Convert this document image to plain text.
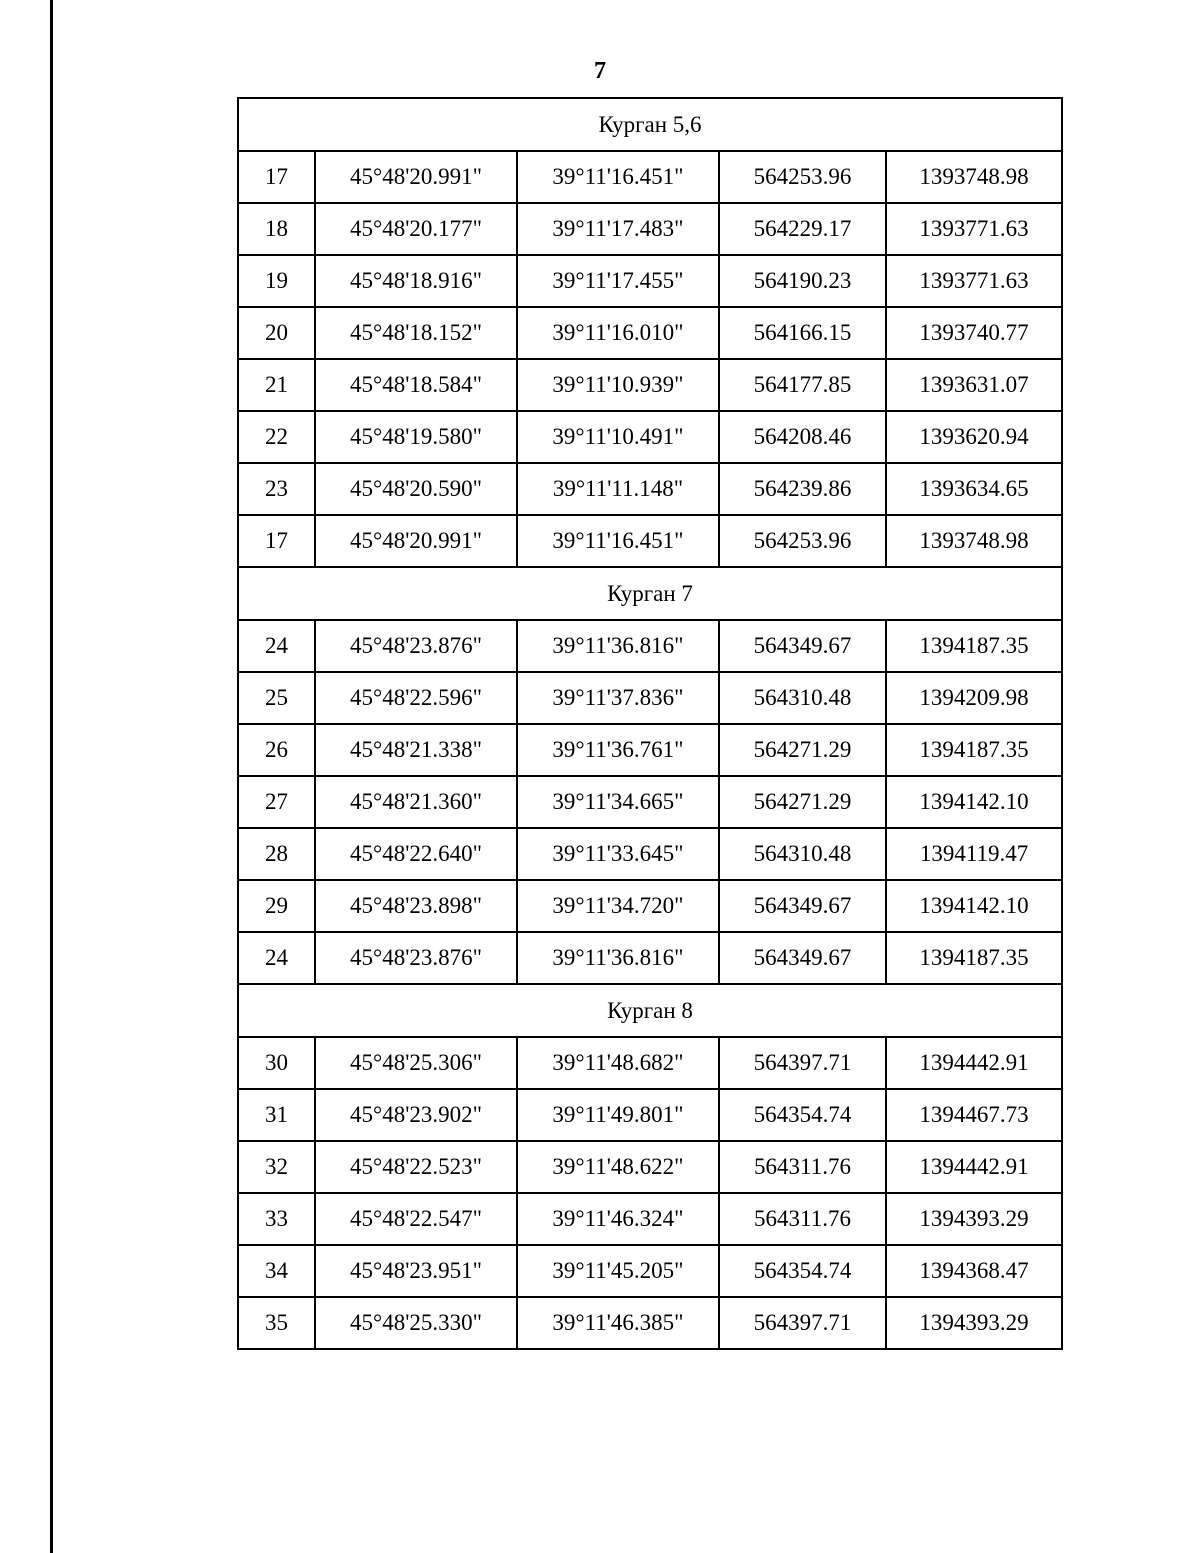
7
Курган 5,6				
17	45°48'20.991"	39°11'16.451"	564253.96	1393748.98
18	45°48'20.177"	39°11'17.483"	564229.17	1393771.63
19	45°48'18.916"	39°11'17.455"	564190.23	1393771.63
20	45°48'18.152"	39°11'16.010"	564166.15	1393740.77
21	45°48'18.584"	39°11'10.939"	564177.85	1393631.07
22	45°48'19.580"	39°11'10.491"	564208.46	1393620.94
23	45°48'20.590"	39°11'11.148"	564239.86	1393634.65
17	45°48'20.991"	39°11'16.451"	564253.96	1393748.98
Курган 7				
24	45°48'23.876"	39°11'36.816"	564349.67	1394187.35
25	45°48'22.596"	39°11'37.836"	564310.48	1394209.98
26	45°48'21.338"	39°11'36.761"	564271.29	1394187.35
27	45°48'21.360"	39°11'34.665"	564271.29	1394142.10
28	45°48'22.640"	39°11'33.645"	564310.48	1394119.47
29	45°48'23.898"	39°11'34.720"	564349.67	1394142.10
24	45°48'23.876"	39°11'36.816"	564349.67	1394187.35
Курган 8				
30	45°48'25.306"	39°11'48.682"	564397.71	1394442.91
31	45°48'23.902"	39°11'49.801"	564354.74	1394467.73
32	45°48'22.523"	39°11'48.622"	564311.76	1394442.91
33	45°48'22.547"	39°11'46.324"	564311.76	1394393.29
34	45°48'23.951"	39°11'45.205"	564354.74	1394368.47
35	45°48'25.330"	39°11'46.385"	564397.71	1394393.29
